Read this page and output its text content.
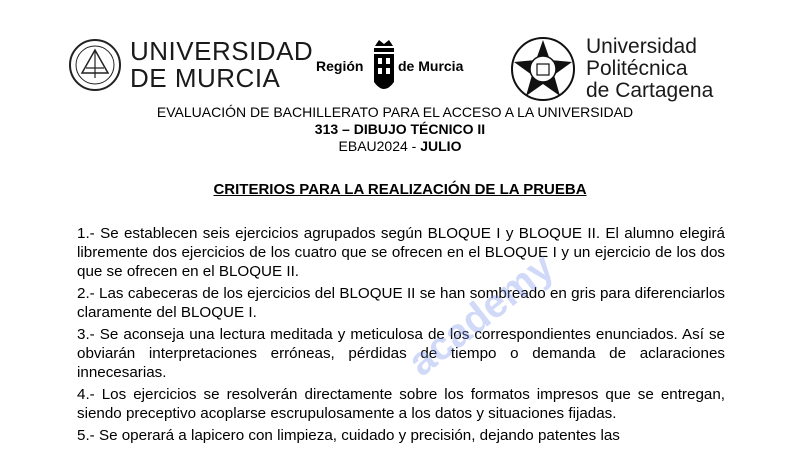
UNIVERSIDAD
DE MURCIA	Región de Murcia
Universidad
Politécnica
de Cartagena
EVALUACIÓN DE BACHILLERATO PARA EL ACCESO A LA UNIVERSIDAD
313 – DIBUJO TÉCNICO II
EBAU2024 - JULIO
CRITERIOS PARA LA REALIZACIÓN DE LA PRUEBA
1.- Se establecen seis ejercicios agrupados según BLOQUE I y BLOQUE II. El alumno elegirá libremente dos ejercicios de los cuatro que se ofrecen en el BLOQUE I y un ejercicio de los dos que se ofrecen en el BLOQUE II.
2.- Las cabeceras de los ejercicios del BLOQUE II se han sombreado en gris para diferenciarlos claramente del BLOQUE I.
3.- Se aconseja una lectura meditada y meticulosa de los correspondientes enunciados. Así se obviarán interpretaciones erróneas, pérdidas de tiempo o demanda de aclaraciones innecesarias.
4.- Los ejercicios se resolverán directamente sobre los formatos impresos que se entregan, siendo preceptivo acoplarse escrupulosamente a los datos y situaciones fijadas.
5.- Se operará a lapicero con limpieza, cuidado y precisión, dejando patentes las
academy
